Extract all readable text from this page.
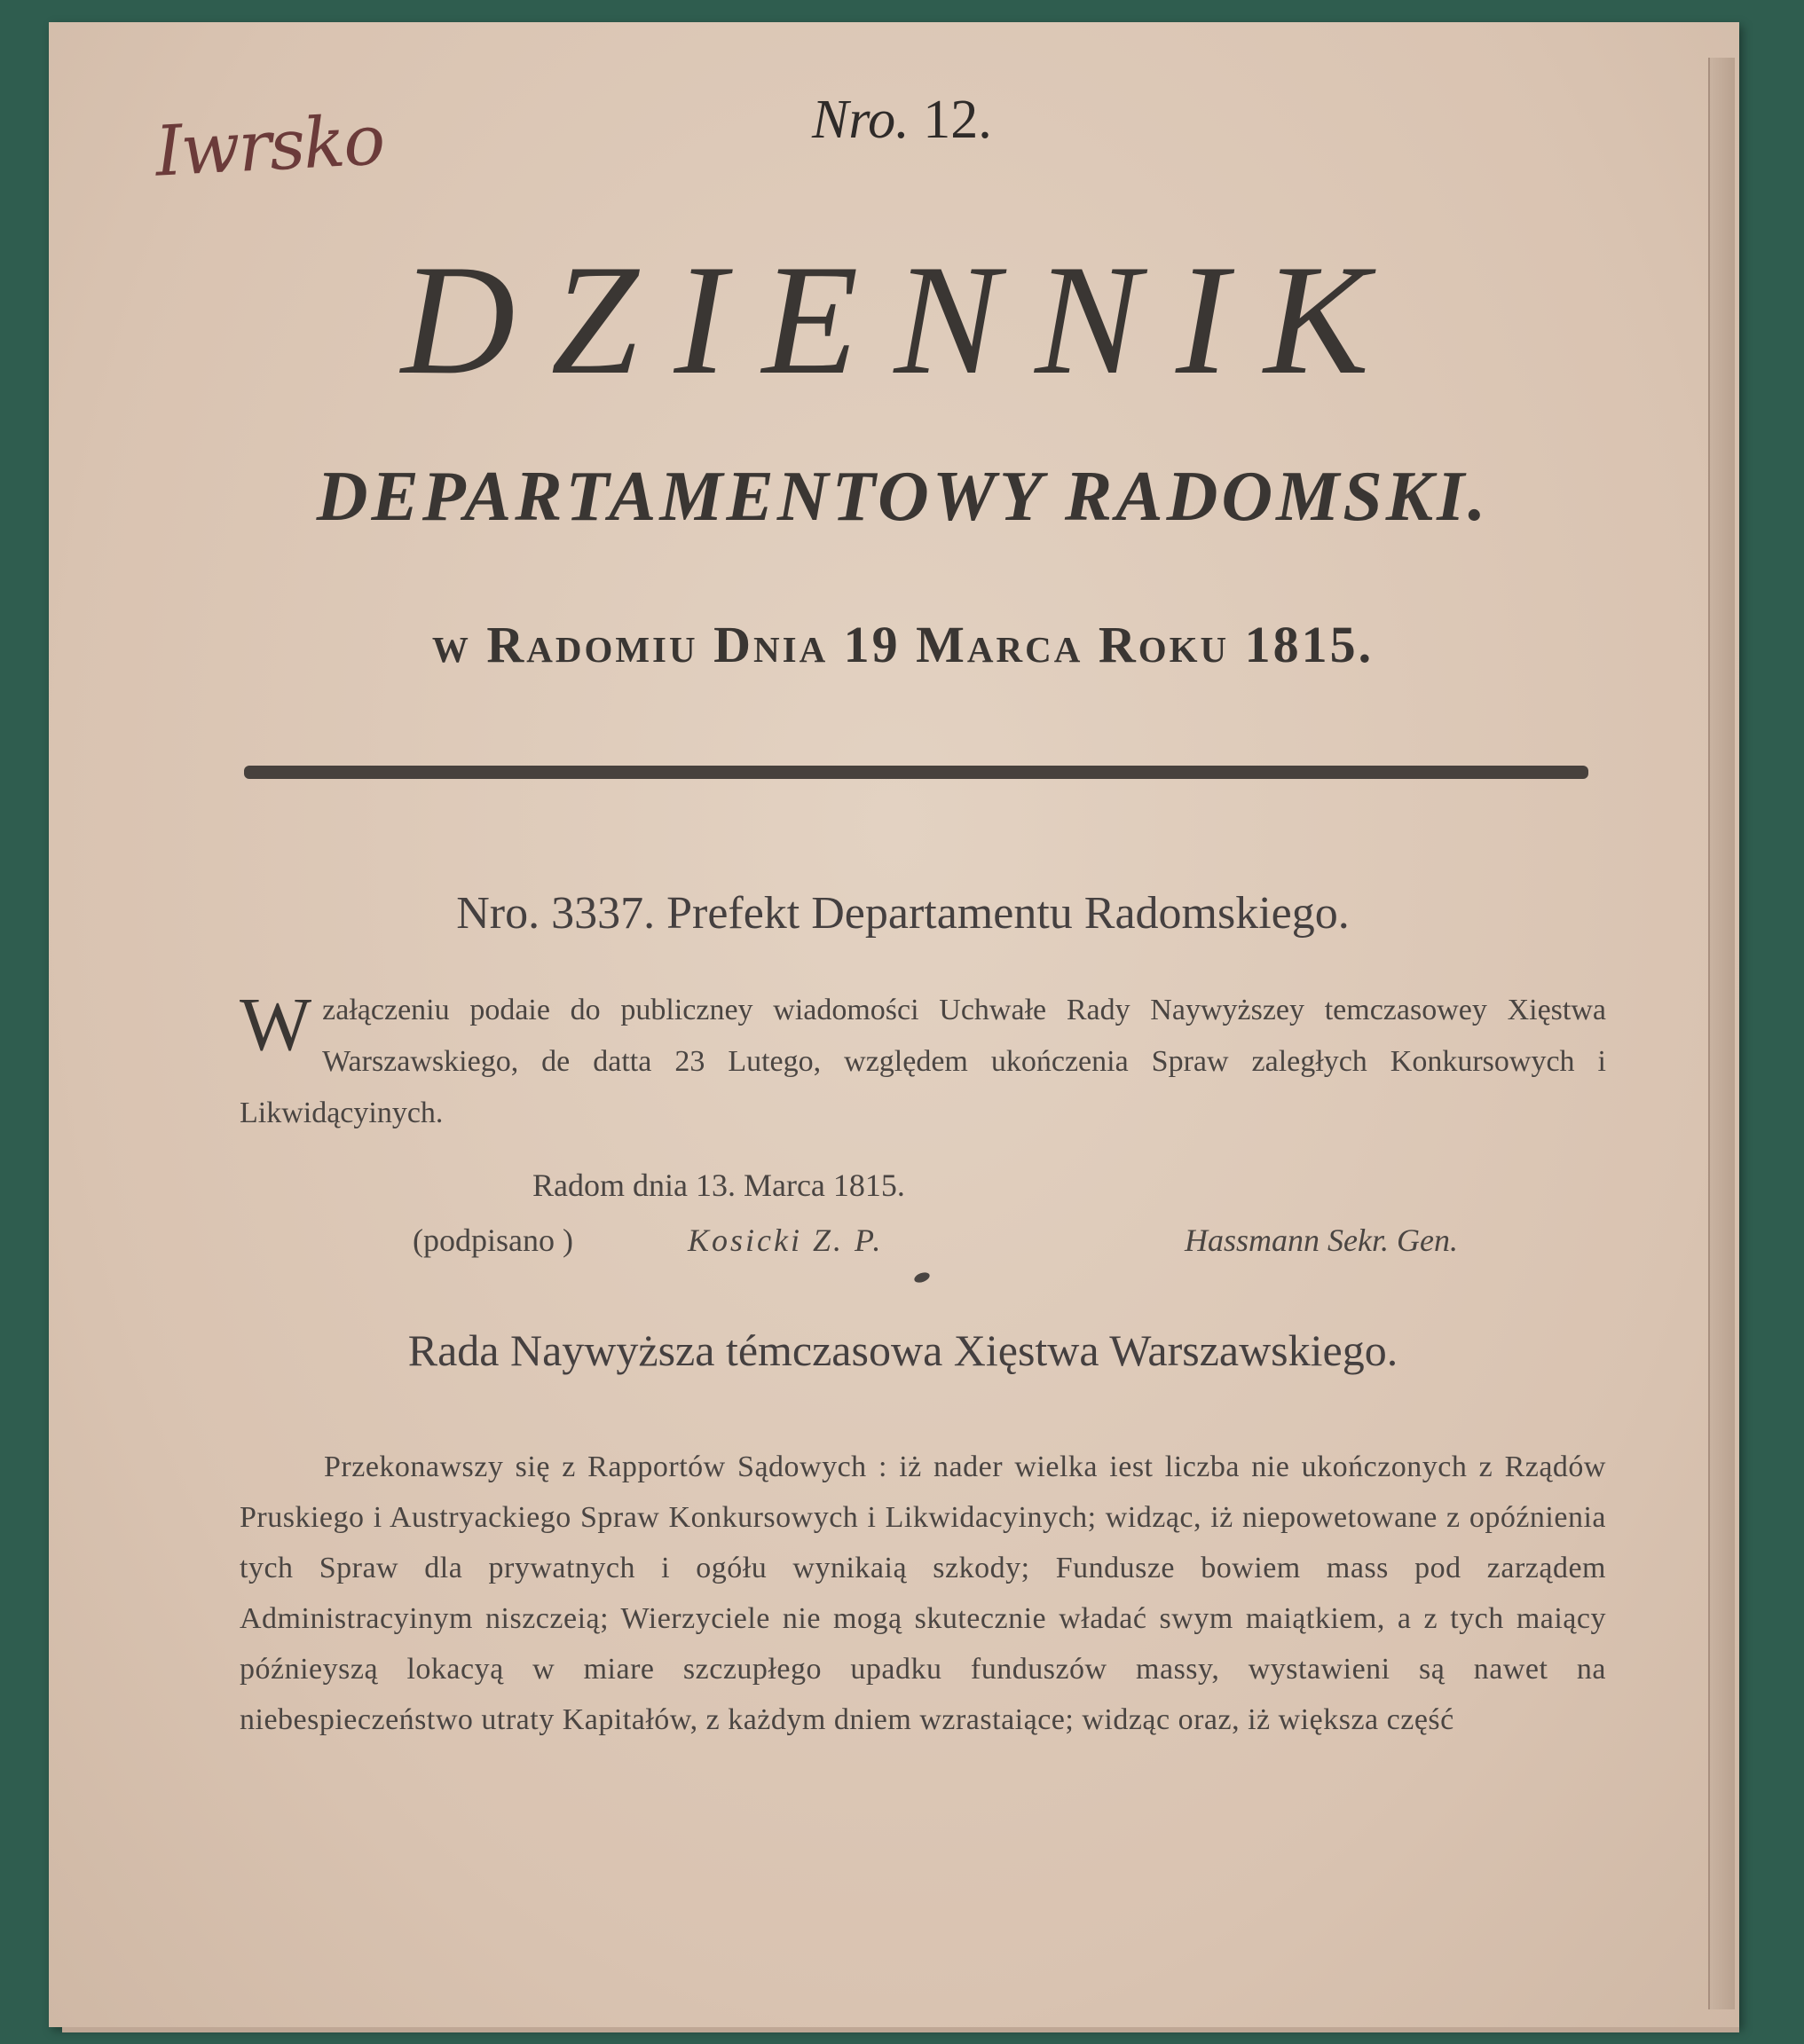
Iwrsko	Nro. 12.
DZIENNIK
DEPARTAMENTOWY RADOMSKI.
w Radomiu Dnia 19 Marca Roku 1815.
Nro. 3337. Prefekt Departamentu Radomskiego.
W załączeniu podaie do publiczney wiadomości Uchwałe Rady Naywyższey temczasowey Xięstwa Warszawskiego, de datta 23 Lutego, względem ukończenia Spraw zaległych Konkursowych i Likwidącyinych.
Radom dnia 13. Marca 1815.
(podpisano )	Kosicki Z. P.	Hassmann Sekr. Gen.
Rada Naywyższa témczasowa Xięstwa Warszawskiego.
Przekonawszy się z Rapportów Sądowych : iż nader wielka iest liczba nie ukończonych z Rządów Pruskiego i Austryackiego Spraw Konkursowych i Likwidacyinych; widząc, iż niepowetowane z opóźnienia tych Spraw dla prywatnych i ogółu wynikaią szkody; Fundusze bowiem mass pod zarządem Administracyinym niszczeią; Wierzyciele nie mogą skutecznie władać swym maiątkiem, a z tych maiący późnieyszą lokacyą w miare szczupłego upadku funduszów massy, wystawieni są nawet na niebespieczeństwo utraty Kapitałów, z każdym dniem wzrastaiące; widząc oraz, iż większa część
